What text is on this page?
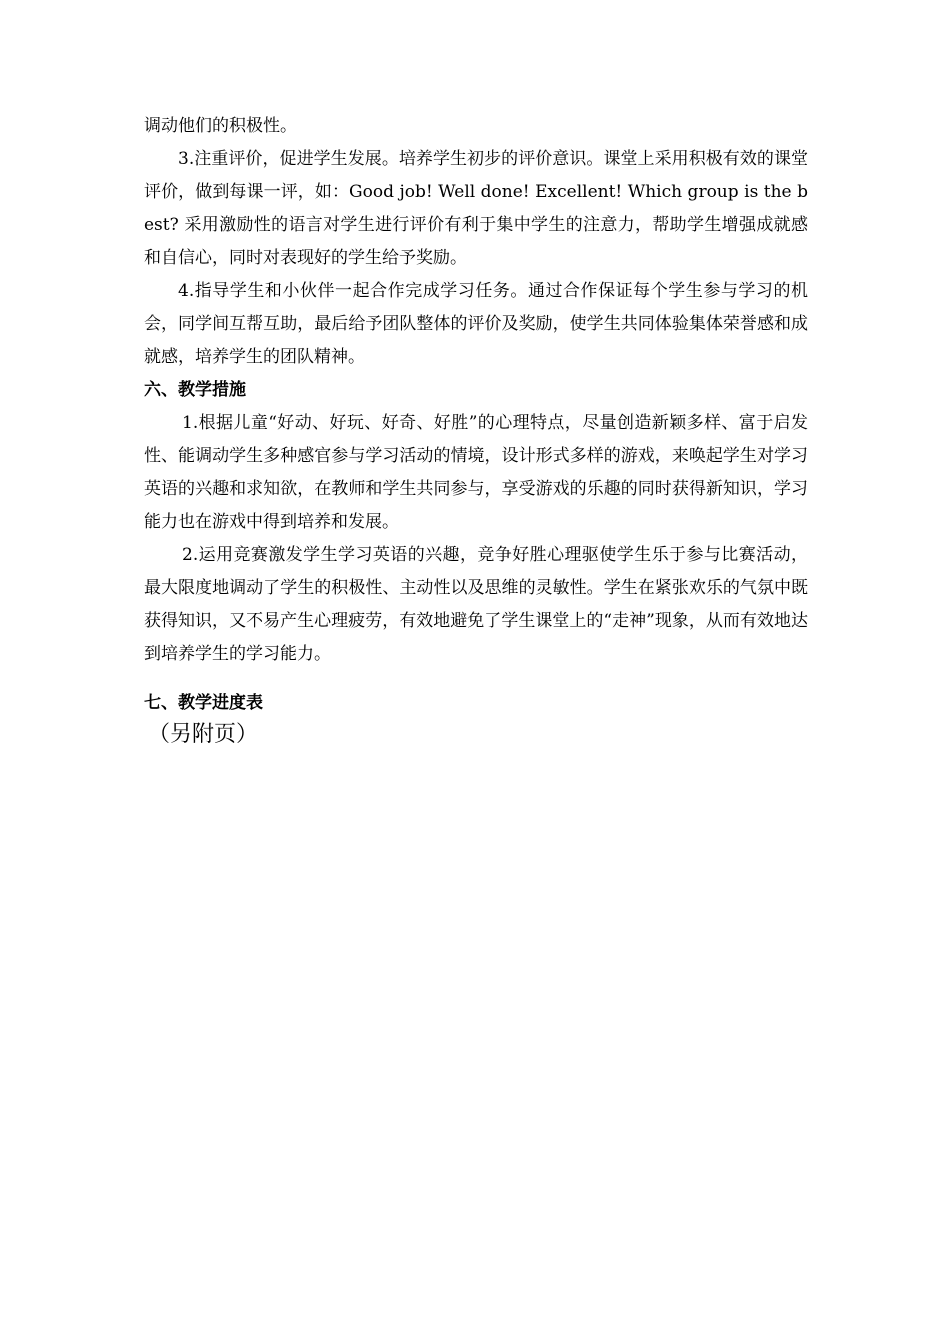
调动他们的积极性。

3.注重评价，促进学生发展。培养学生初步的评价意识。课堂上采用积极有效的课堂评价，做到每课一评，如：Good job! Well done! Excellent! Which group is the best? 采用激励性的语言对学生进行评价有利于集中学生的注意力，帮助学生增强成就感和自信心，同时对表现好的学生给予奖励。

4.指导学生和小伙伴一起合作完成学习任务。通过合作保证每个学生参与学习的机会，同学间互帮互助，最后给予团队整体的评价及奖励，使学生共同体验集体荣誉感和成就感，培养学生的团队精神。

六、教学措施

1.根据儿童“好动、好玩、好奇、好胜”的心理特点，尽量创造新颖多样、富于启发性、能调动学生多种感官参与学习活动的情境，设计形式多样的游戏，来唤起学生对学习英语的兴趣和求知欲，在教师和学生共同参与，享受游戏的乐趣的同时获得新知识，学习能力也在游戏中得到培养和发展。

2.运用竞赛激发学生学习英语的兴趣，竞争好胜心理驱使学生乐于参与比赛活动，最大限度地调动了学生的积极性、主动性以及思维的灵敏性。学生在紧张欢乐的气氛中既获得知识，又不易产生心理疲劳，有效地避免了学生课堂上的“走神”现象，从而有效地达到培养学生的学习能力。

七、教学进度表

（另附页）
